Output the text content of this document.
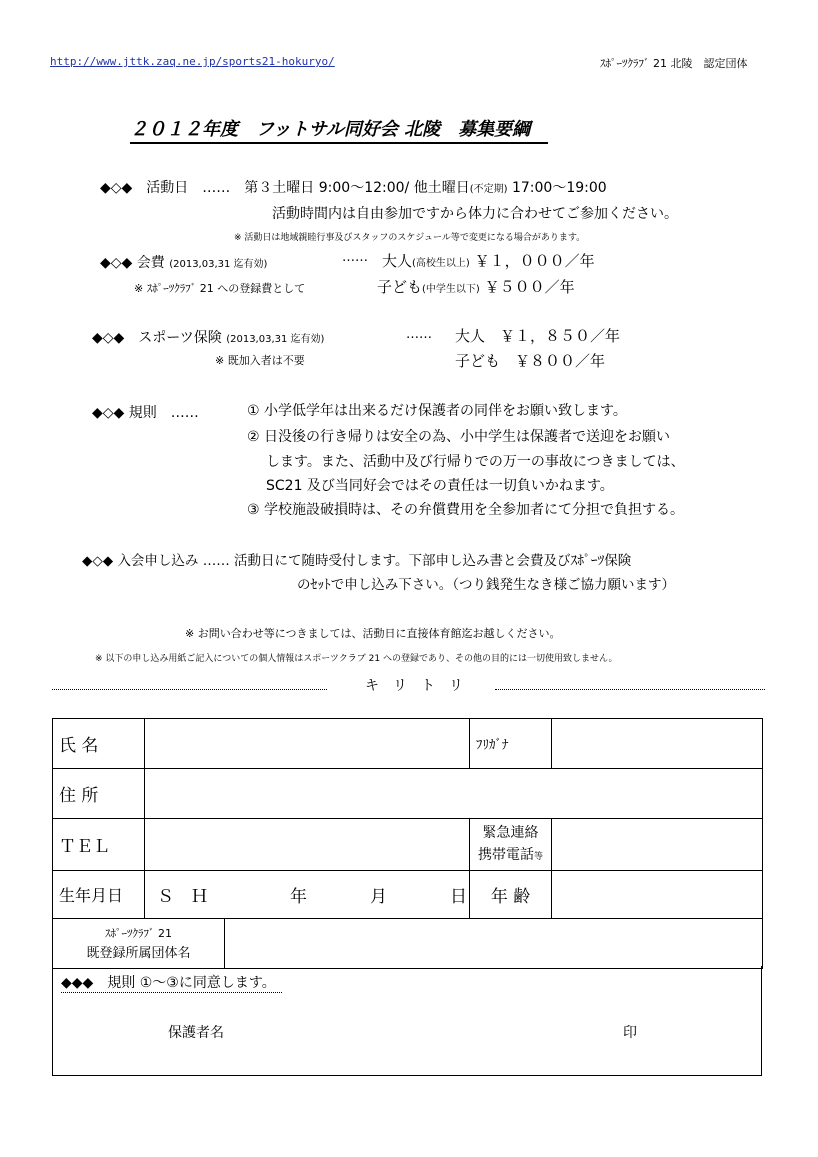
http://www.jttk.zaq.ne.jp/sports21-hokuryo/	ｽﾎﾟｰﾂｸﾗﾌﾞ 21 北陵　認定団体
２０１２年度　フットサル同好会 北陵　募集要綱
◆◇◆　活動日　……　第３土曜日 9:00～12:00/ 他土曜日(不定期) 17:00～19:00
活動時間内は自由参加ですから体力に合わせてご参加ください。
※ 活動日は地域親睦行事及びスタッフのスケジュール等で変更になる場合があります。
◆◇◆ 会費 (2013,03,31 迄有効)	…… 大人(高校生以上) ￥１，０００／年
※ ｽﾎﾟｰﾂｸﾗﾌﾞ 21 への登録費として	子ども(中学生以下) ￥５００／年
◆◇◆　スポーツ保険 (2013,03,31 迄有効)	…… 大人　￥１，８５０／年
※ 既加入者は不要	子ども　￥８００／年
◆◇◆ 規則　……	① 小学低学年は出来るだけ保護者の同伴をお願い致します。
② 日没後の行き帰りは安全の為、小中学生は保護者で送迎をお願い
します。また、活動中及び行帰りでの万一の事故につきましては、
SC21 及び当同好会ではその責任は一切負いかねます。
③ 学校施設破損時は、その弁償費用を全参加者にて分担で負担する。
◆◇◆ 入会申し込み …… 活動日にて随時受付します。下部申し込み書と会費及びｽﾎﾟｰﾂ保険
のｾｯﾄで申し込み下さい。（つり銭発生なき様ご協力願います）
※ お問い合わせ等につきましては、活動日に直接体育館迄お越しください。
※ 以下の申し込み用紙ご記入についての個人情報はスポーツクラブ 21 への登録であり、その他の目的には一切使用致しません。
キリトリ
氏 名			ﾌﾘｶﾞﾅ	
住 所				
ＴＥＬ			緊急連絡
携帯電話等	

生年月日	Ｓ　Ｈ 年 月 日		年 齢	

ｽﾎﾟｰﾂｸﾗﾌﾞ 21
既登録所属団体名				

◆◆◆　規則 ①～③に同意します。
保護者名	印
